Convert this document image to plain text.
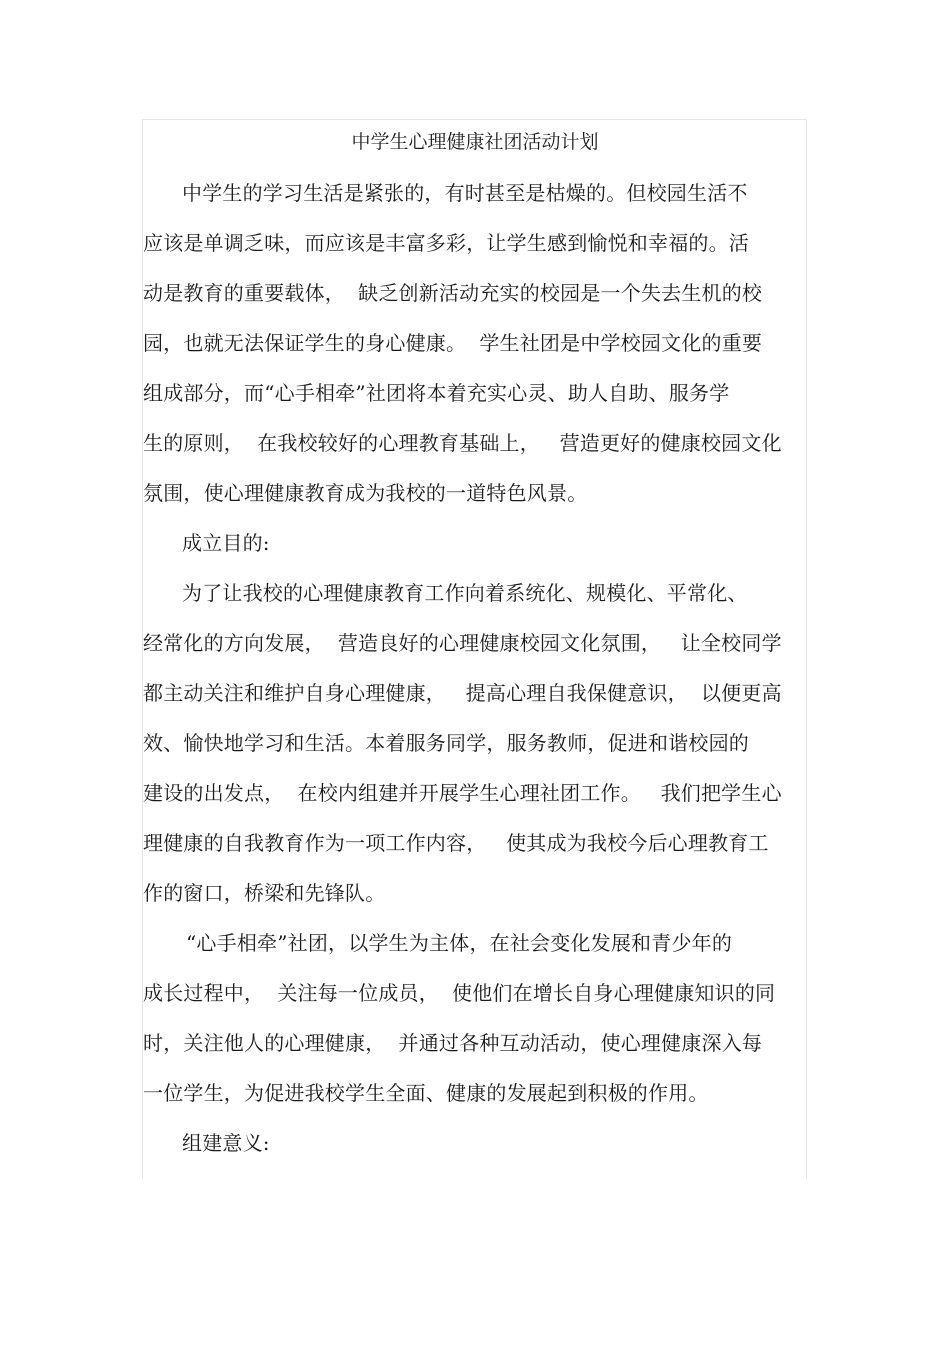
中学生心理健康社团活动计划
中学生的学习生活是紧张的，有时甚至是枯燥的。但校园生活不
应该是单调乏味，而应该是丰富多彩，让学生感到愉悦和幸福的。活
动是教育的重要载体，  缺乏创新活动充实的校园是一个失去生机的校
园，也就无法保证学生的身心健康。  学生社团是中学校园文化的重要
组成部分，而“心手相牵”社团将本着充实心灵、助人自助、服务学
生的原则，  在我校较好的心理教育基础上，   营造更好的健康校园文化
氛围，使心理健康教育成为我校的一道特色风景。
成立目的:
为了让我校的心理健康教育工作向着系统化、规模化、平常化、
经常化的方向发展，  营造良好的心理健康校园文化氛围，   让全校同学
都主动关注和维护自身心理健康，   提高心理自我保健意识，  以便更高
效、愉快地学习和生活。本着服务同学，服务教师，促进和谐校园的
建设的出发点，  在校内组建并开展学生心理社团工作。   我们把学生心
理健康的自我教育作为一项工作内容，   使其成为我校今后心理教育工
作的窗口，桥梁和先锋队。
“心手相牵”社团，以学生为主体，在社会变化发展和青少年的
成长过程中，  关注每一位成员，  使他们在增长自身心理健康知识的同
时，关注他人的心理健康，  并通过各种互动活动，使心理健康深入每
一位学生，为促进我校学生全面、健康的发展起到积极的作用。
组建意义:
